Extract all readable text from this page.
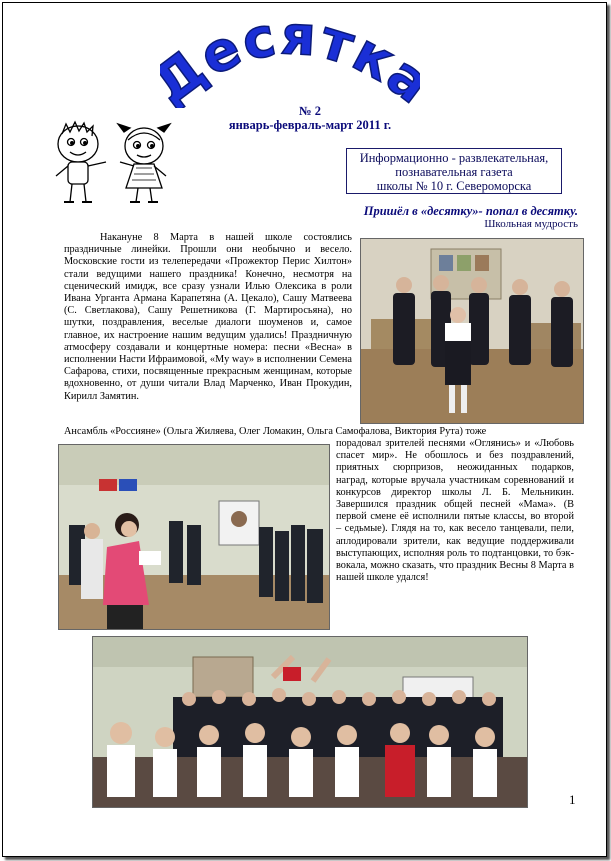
есятк
№ 2
январь-февраль-март 2011 г.
Информационно - развлекательная,
познавательная газета
школы № 10 г. Североморска
Пришёл в «десятку»- попал в десятку.
Школьная мудрость

Накануне 8 Марта в нашей школе состоялись праздничные линейки. Прошли они необычно и весело. Московские гости из телепередачи «Прожектор Перис Хилтон» стали ведущими нашего праздника! Конечно, несмотря на сценический имидж, все сразу узнали Илью Олексика в роли Ивана Урганта Армана Карапетяна (А. Цекало), Сашу Матвеева (С. Светлакова), Сашу Решетникова (Г. Мартиросьяна), но шутки, поздравления, веселые диалоги шоуменов и, самое главное, их настроение нашим ведущим удались! Праздничную атмосферу создавали и концертные номера: песни «Весна» в исполнении Насти Ифраимовой, «My way» в исполнении Семена Сафарова, стихи, посвященные прекрасным женщинам, которые вдохновенно, от души читали Влад Марченко, Иван Прокудин, Кирилл Замятин.

Ансамбль «Россияне» (Ольга Жиляева, Олег Ломакин, Ольга Самофалова, Виктория Рута) тоже

порадовал зрителей песнями «Оглянись» и «Любовь спасет мир». Не обошлось и без поздравлений, приятных сюрпризов, неожиданных подарков, наград, которые вручала участникам соревнований и конкурсов директор школы Л. Б. Мельникин. Завершился праздник общей песней «Мама». (В первой смене её исполнили пятые классы, во второй – седьмые). Глядя на то, как весело танцевали, пели, аплодировали зрители, как ведущие поддерживали выступающих, исполняя роль то подтанцовки, то бэк-вокала, можно сказать, что праздник Весны 8 Марта в нашей школе удался!

1
